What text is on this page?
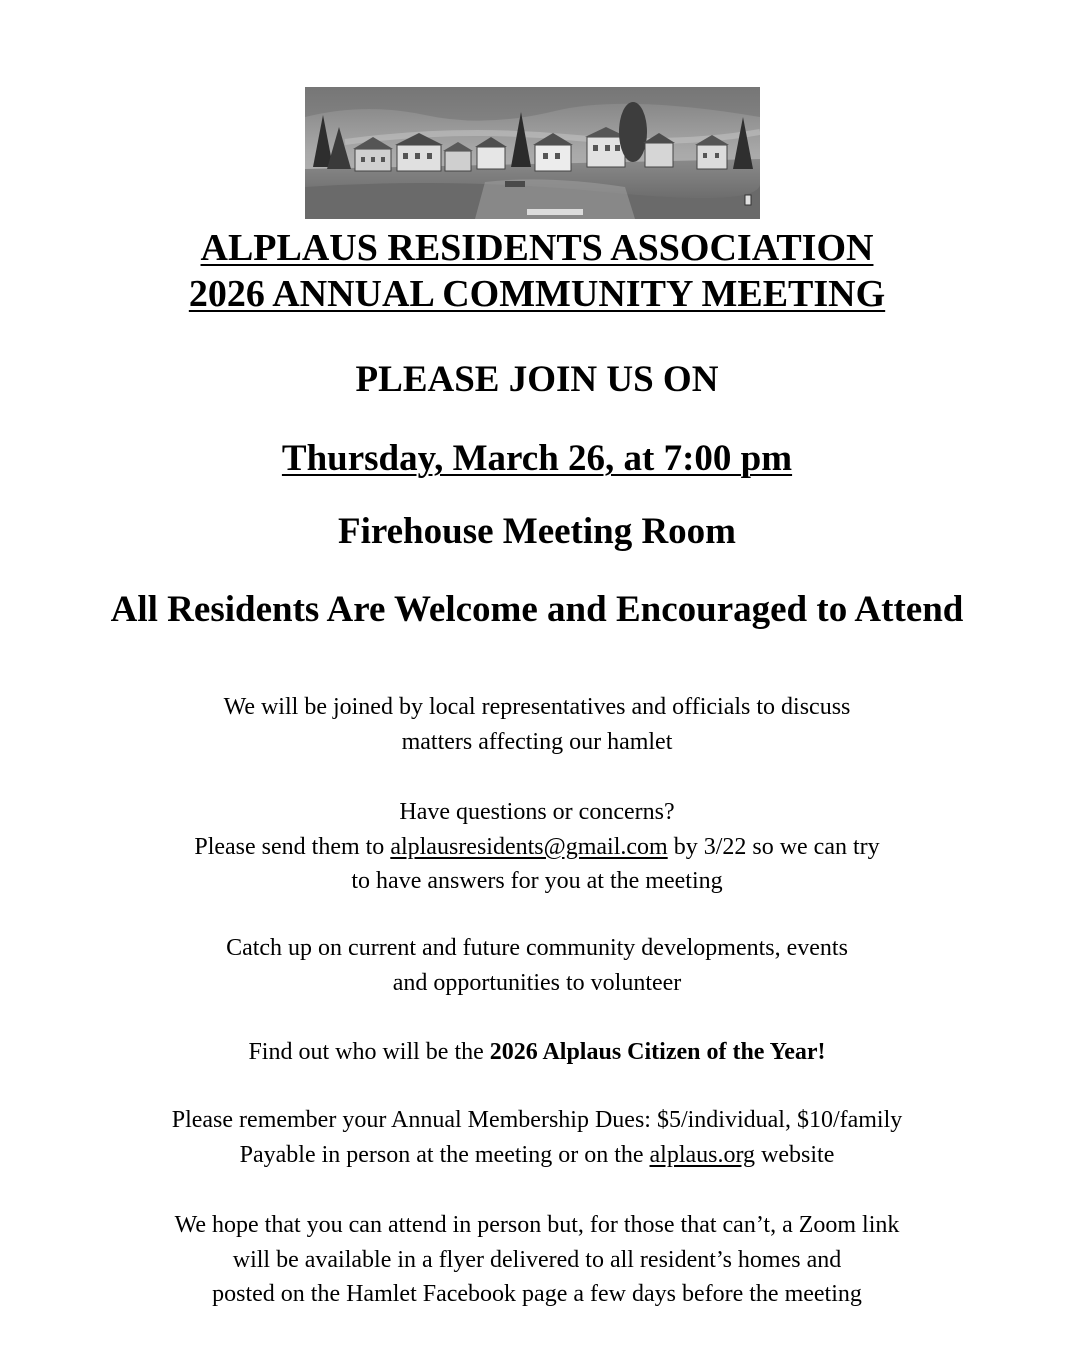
ALPLAUS RESIDENTS ASSOCIATION
2026 ANNUAL COMMUNITY MEETING
PLEASE JOIN US ON
Thursday, March 26, at 7:00 pm
Firehouse Meeting Room
All Residents Are Welcome and Encouraged to Attend
We will be joined by local representatives and officials to discuss
matters affecting our hamlet
Have questions or concerns?
Please send them to alplausresidents@gmail.com by 3/22 so we can try
to have answers for you at the meeting
Catch up on current and future community developments, events
and opportunities to volunteer
Find out who will be the 2026 Alplaus Citizen of the Year!
Please remember your Annual Membership Dues: $5/individual, $10/family
Payable in person at the meeting or on the alplaus.org website
We hope that you can attend in person but, for those that can’t, a Zoom link
will be available in a flyer delivered to all resident’s homes and
posted on the Hamlet Facebook page a few days before the meeting
